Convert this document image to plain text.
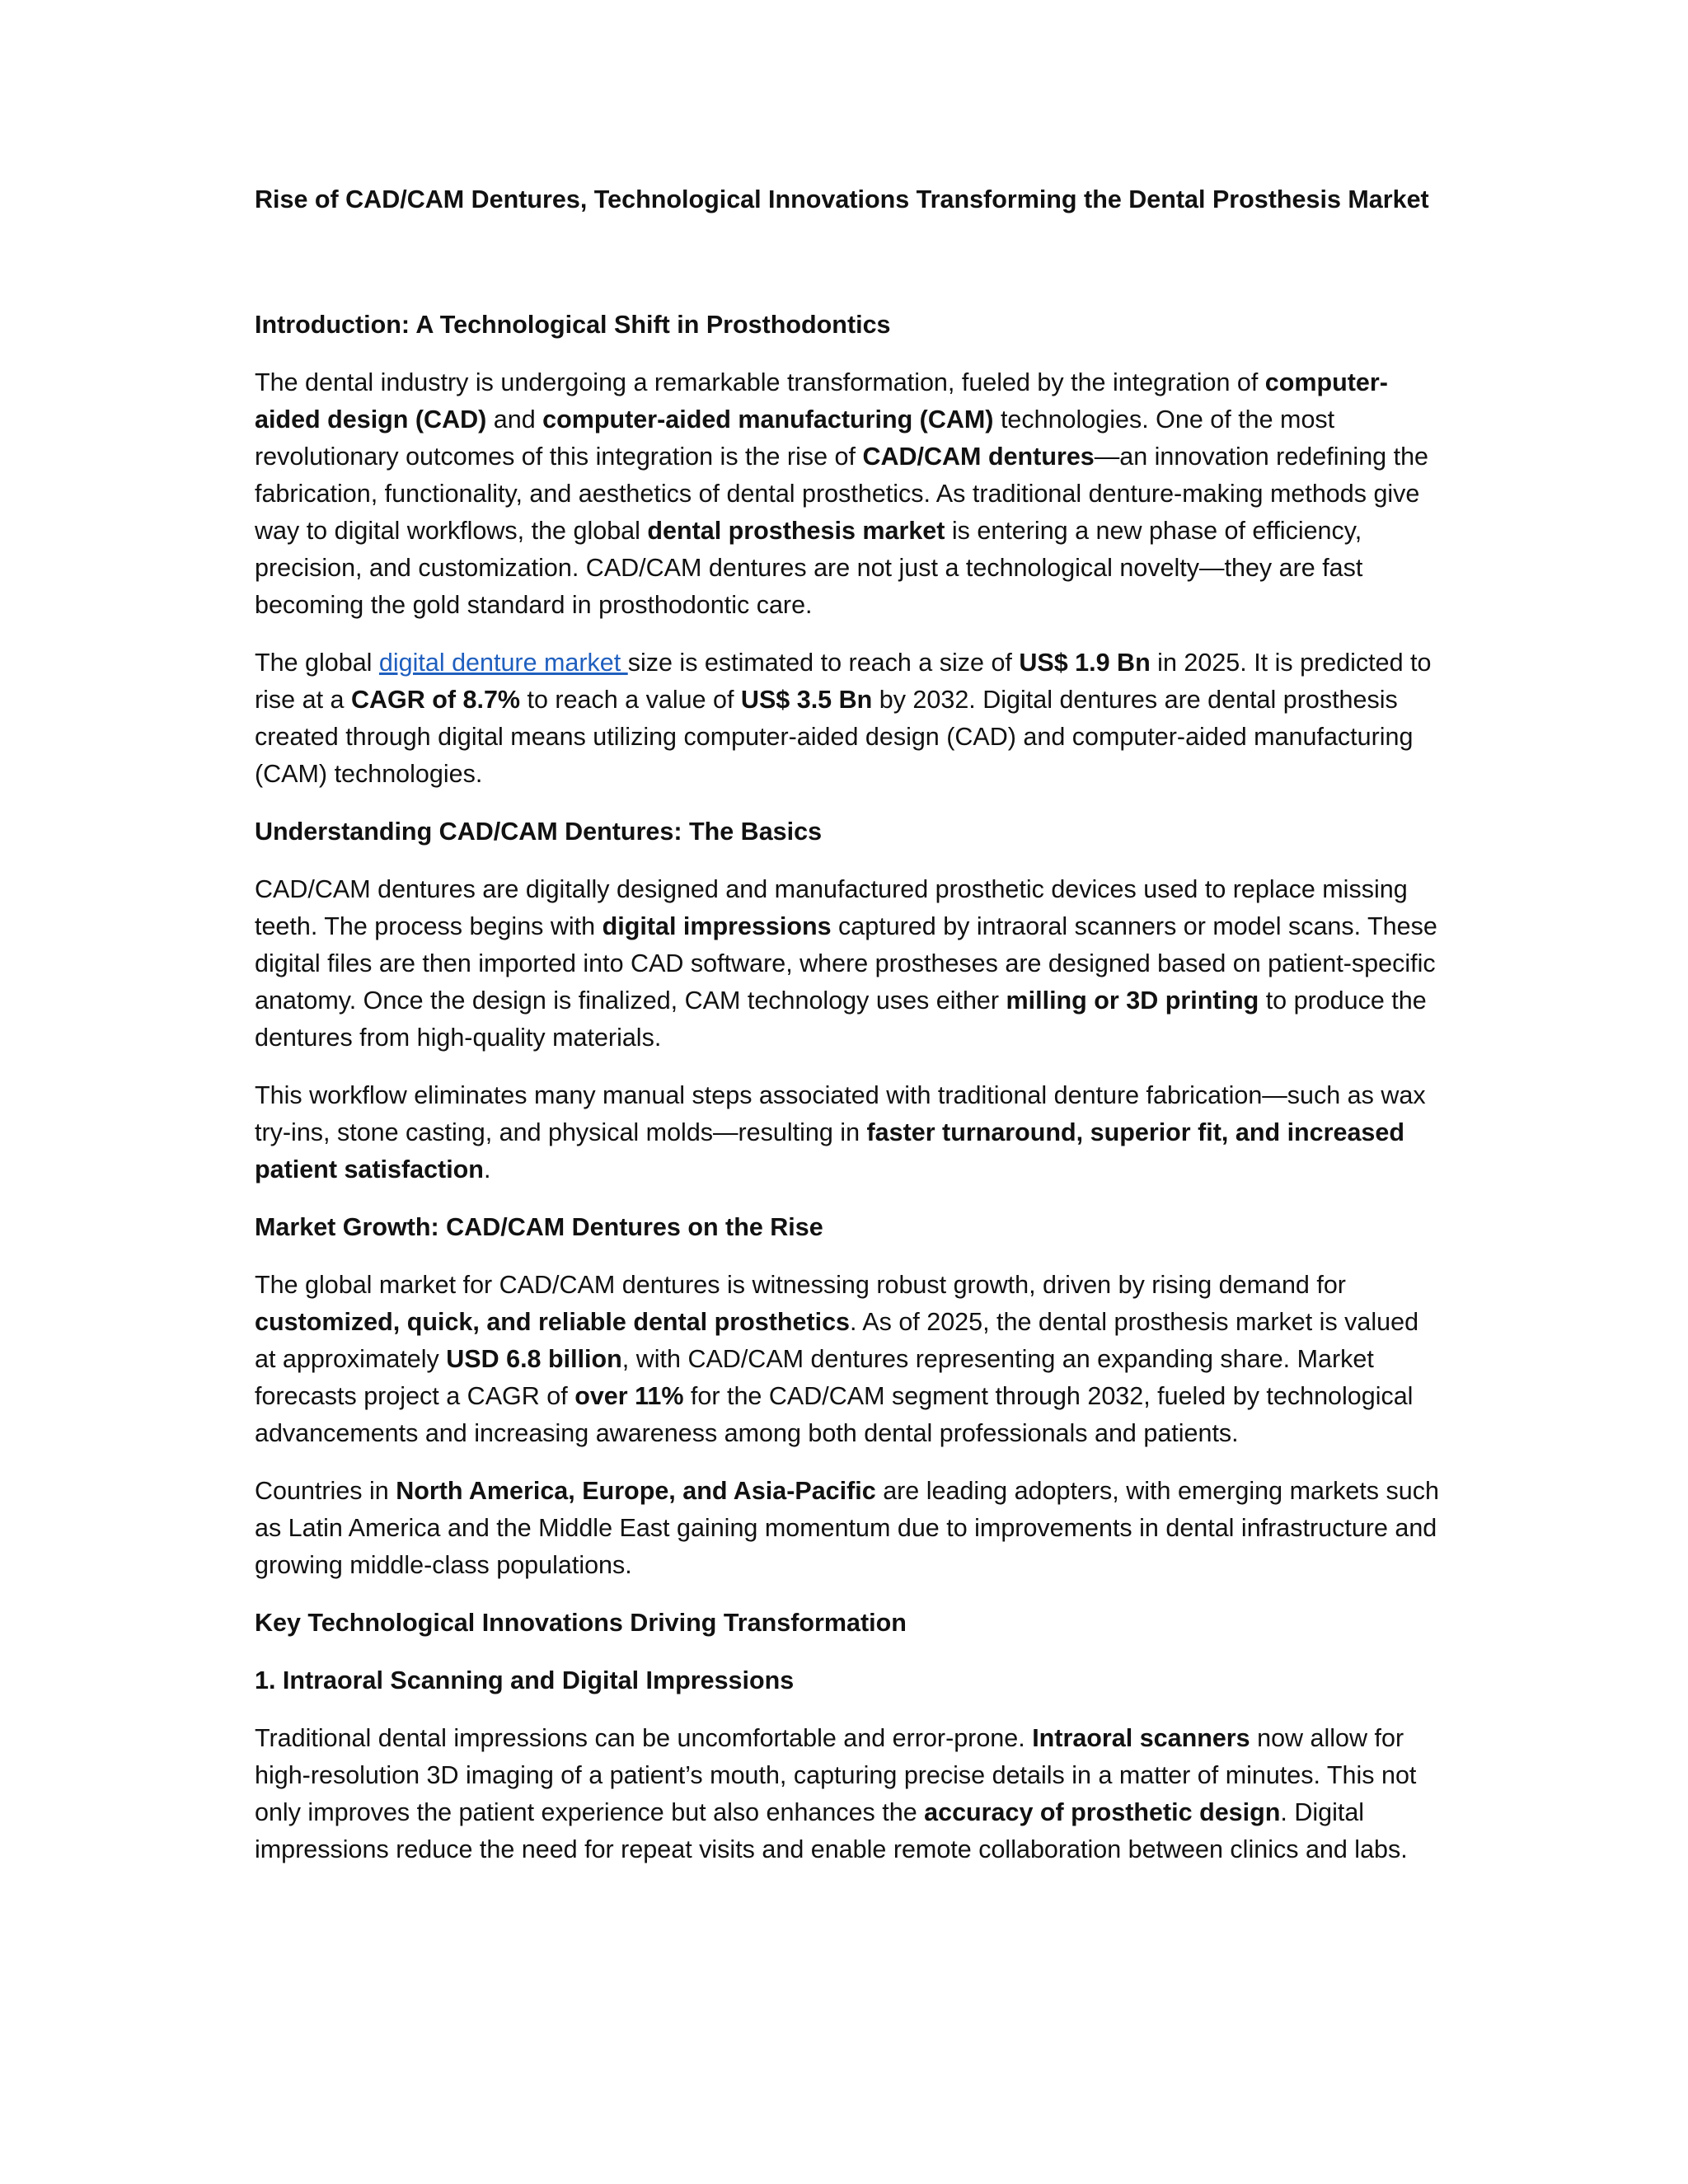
Rise of CAD/CAM Dentures, Technological Innovations Transforming the Dental Prosthesis Market
Introduction: A Technological Shift in Prosthodontics
The dental industry is undergoing a remarkable transformation, fueled by the integration of computer-aided design (CAD) and computer-aided manufacturing (CAM) technologies. One of the most revolutionary outcomes of this integration is the rise of CAD/CAM dentures—an innovation redefining the fabrication, functionality, and aesthetics of dental prosthetics. As traditional denture-making methods give way to digital workflows, the global dental prosthesis market is entering a new phase of efficiency, precision, and customization. CAD/CAM dentures are not just a technological novelty—they are fast becoming the gold standard in prosthodontic care.
The global digital denture market size is estimated to reach a size of US$ 1.9 Bn in 2025. It is predicted to rise at a CAGR of 8.7% to reach a value of US$ 3.5 Bn by 2032. Digital dentures are dental prosthesis created through digital means utilizing computer-aided design (CAD) and computer-aided manufacturing (CAM) technologies.
Understanding CAD/CAM Dentures: The Basics
CAD/CAM dentures are digitally designed and manufactured prosthetic devices used to replace missing teeth. The process begins with digital impressions captured by intraoral scanners or model scans. These digital files are then imported into CAD software, where prostheses are designed based on patient-specific anatomy. Once the design is finalized, CAM technology uses either milling or 3D printing to produce the dentures from high-quality materials.
This workflow eliminates many manual steps associated with traditional denture fabrication—such as wax try-ins, stone casting, and physical molds—resulting in faster turnaround, superior fit, and increased patient satisfaction.
Market Growth: CAD/CAM Dentures on the Rise
The global market for CAD/CAM dentures is witnessing robust growth, driven by rising demand for customized, quick, and reliable dental prosthetics. As of 2025, the dental prosthesis market is valued at approximately USD 6.8 billion, with CAD/CAM dentures representing an expanding share. Market forecasts project a CAGR of over 11% for the CAD/CAM segment through 2032, fueled by technological advancements and increasing awareness among both dental professionals and patients.
Countries in North America, Europe, and Asia-Pacific are leading adopters, with emerging markets such as Latin America and the Middle East gaining momentum due to improvements in dental infrastructure and growing middle-class populations.
Key Technological Innovations Driving Transformation
1. Intraoral Scanning and Digital Impressions
Traditional dental impressions can be uncomfortable and error-prone. Intraoral scanners now allow for high-resolution 3D imaging of a patient’s mouth, capturing precise details in a matter of minutes. This not only improves the patient experience but also enhances the accuracy of prosthetic design. Digital impressions reduce the need for repeat visits and enable remote collaboration between clinics and labs.
